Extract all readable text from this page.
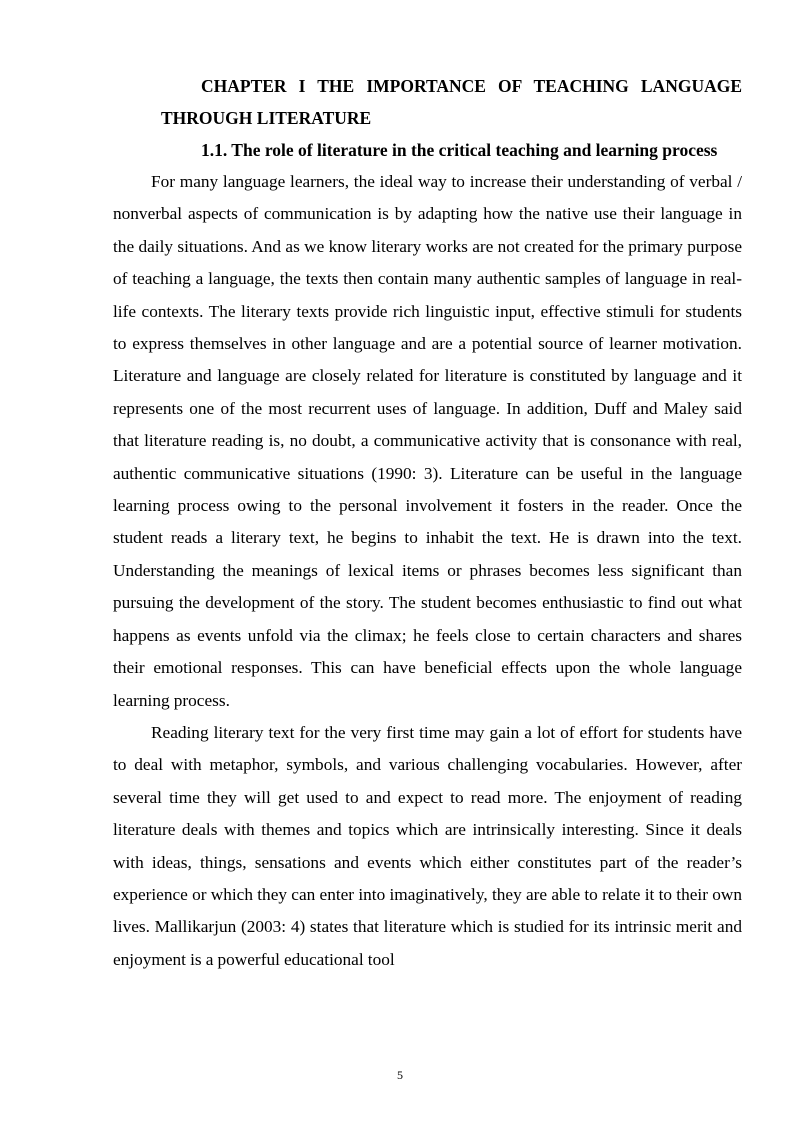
CHAPTER I THE IMPORTANCE OF TEACHING LANGUAGE THROUGH LITERATURE

1.1. The role of literature in the critical teaching and learning process

For many language learners, the ideal way to increase their understanding of verbal / nonverbal aspects of communication is by adapting how the native use their language in the daily situations. And as we know literary works are not created for the primary purpose of teaching a language, the texts then contain many authentic samples of language in real-life contexts. The literary texts provide rich linguistic input, effective stimuli for students to express themselves in other language and are a potential source of learner motivation. Literature and language are closely related for literature is constituted by language and it represents one of the most recurrent uses of language. In addition, Duff and Maley said that literature reading is, no doubt, a communicative activity that is consonance with real, authentic communicative situations (1990: 3). Literature can be useful in the language learning process owing to the personal involvement it fosters in the reader. Once the student reads a literary text, he begins to inhabit the text. He is drawn into the text. Understanding the meanings of lexical items or phrases becomes less significant than pursuing the development of the story. The student becomes enthusiastic to find out what happens as events unfold via the climax; he feels close to certain characters and shares their emotional responses. This can have beneficial effects upon the whole language learning process.

Reading literary text for the very first time may gain a lot of effort for students have to deal with metaphor, symbols, and various challenging vocabularies. However, after several time they will get used to and expect to read more. The enjoyment of reading literature deals with themes and topics which are intrinsically interesting. Since it deals with ideas, things, sensations and events which either constitutes part of the reader’s experience or which they can enter into imaginatively, they are able to relate it to their own lives. Mallikarjun (2003: 4) states that literature which is studied for its intrinsic merit and enjoyment is a powerful educational tool

5
